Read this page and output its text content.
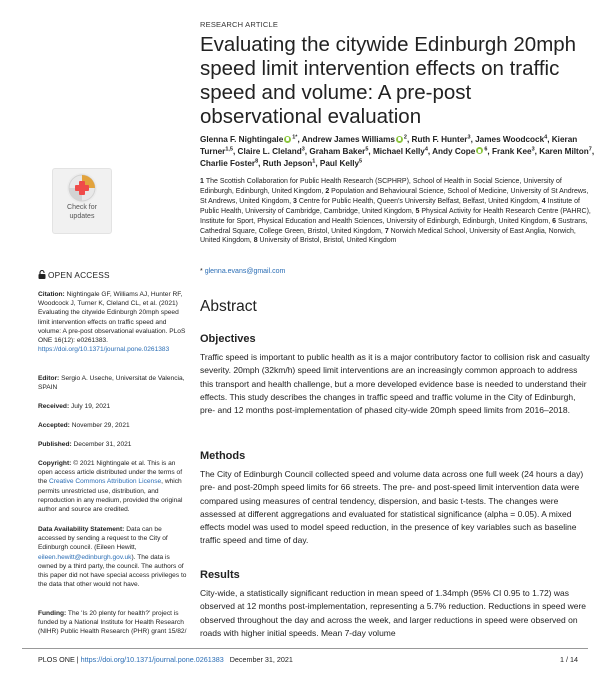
RESEARCH ARTICLE
Evaluating the citywide Edinburgh 20mph speed limit intervention effects on traffic speed and volume: A pre-post observational evaluation
Glenna F. Nightingale $^{1*}$, Andrew James Williams $^2$, Ruth F. Hunter$^3$, James Woodcock$^4$, Kieran Turner$^{1,5}$, Claire L. Cleland$^3$, Graham Baker$^5$, Michael Kelly$^4$, Andy Cope $^6$, Frank Kee$^3$, Karen Milton$^7$, Charlie Foster$^8$, Ruth Jepson$^1$, Paul Kelly$^5$
1 The Scottish Collaboration for Public Health Research (SCPHRP), School of Health in Social Science, University of Edinburgh, Edinburgh, United Kingdom, 2 Population and Behavioural Science, School of Medicine, University of St Andrews, St Andrews, United Kingdom, 3 Centre for Public Health, Queen's University Belfast, Belfast, United Kingdom, 4 Institute of Public Health, University of Cambridge, Cambridge, United Kingdom, 5 Physical Activity for Health Research Centre (PAHRC), Institute for Sport, Physical Education and Health Sciences, University of Edinburgh, Edinburgh, United Kingdom, 6 Sustrans, Cathedral Square, College Green, Bristol, United Kingdom, 7 Norwich Medical School, University of East Anglia, Norwich, United Kingdom, 8 University of Bristol, Bristol, United Kingdom
* glenna.evans@gmail.com
Abstract
Objectives
Traffic speed is important to public health as it is a major contributory factor to collision risk and casualty severity. 20mph (32km/h) speed limit interventions are an increasingly common approach to address this transport and health challenge, but a more developed evidence base is needed to understand their effects. This study describes the changes in traffic speed and traffic volume in the City of Edinburgh, pre- and 12 months post-implementation of phased city-wide 20mph speed limits from 2016–2018.
Methods
The City of Edinburgh Council collected speed and volume data across one full week (24 hours a day) pre- and post-20mph speed limits for 66 streets. The pre- and post-speed limit intervention data were compared using measures of central tendency, dispersion, and basic t-tests. The changes were assessed at different aggregations and evaluated for statistical significance (alpha = 0.05). A mixed effects model was used to model speed reduction, in the presence of key variables such as baseline traffic speed and time of day.
Results
City-wide, a statistically significant reduction in mean speed of 1.34mph (95% CI 0.95 to 1.72) was observed at 12 months post-implementation, representing a 5.7% reduction. Reductions in speed were observed throughout the day and across the week, and larger reductions in speed were observed on roads with higher initial speeds. Mean 7-day volume
Check for
updates
OPEN ACCESS
Citation: Nightingale GF, Williams AJ, Hunter RF, Woodcock J, Turner K, Cleland CL, et al. (2021) Evaluating the citywide Edinburgh 20mph speed limit intervention effects on traffic speed and volume: A pre-post observational evaluation. PLoS ONE 16(12): e0261383. https://doi.org/10.1371/journal.pone.0261383
Editor: Sergio A. Useche, Universitat de Valencia, SPAIN
Received: July 19, 2021
Accepted: November 29, 2021
Published: December 31, 2021
Copyright: © 2021 Nightingale et al. This is an open access article distributed under the terms of the Creative Commons Attribution License, which permits unrestricted use, distribution, and reproduction in any medium, provided the original author and source are credited.
Data Availability Statement: Data can be accessed by sending a request to the City of Edinburgh council. (Eileen Hewitt, eileen.hewitt@edinburgh.gov.uk). The data is owned by a third party, the council. The authors of this paper did not have special access privileges to the data that other would not have.
Funding: The 'Is 20 plenty for health?' project is funded by a National Institute for Health Research (NIHR) Public Health Research (PHR) grant 15/82/
PLOS ONE | https://doi.org/10.1371/journal.pone.0261383 December 31, 2021	1 / 14
